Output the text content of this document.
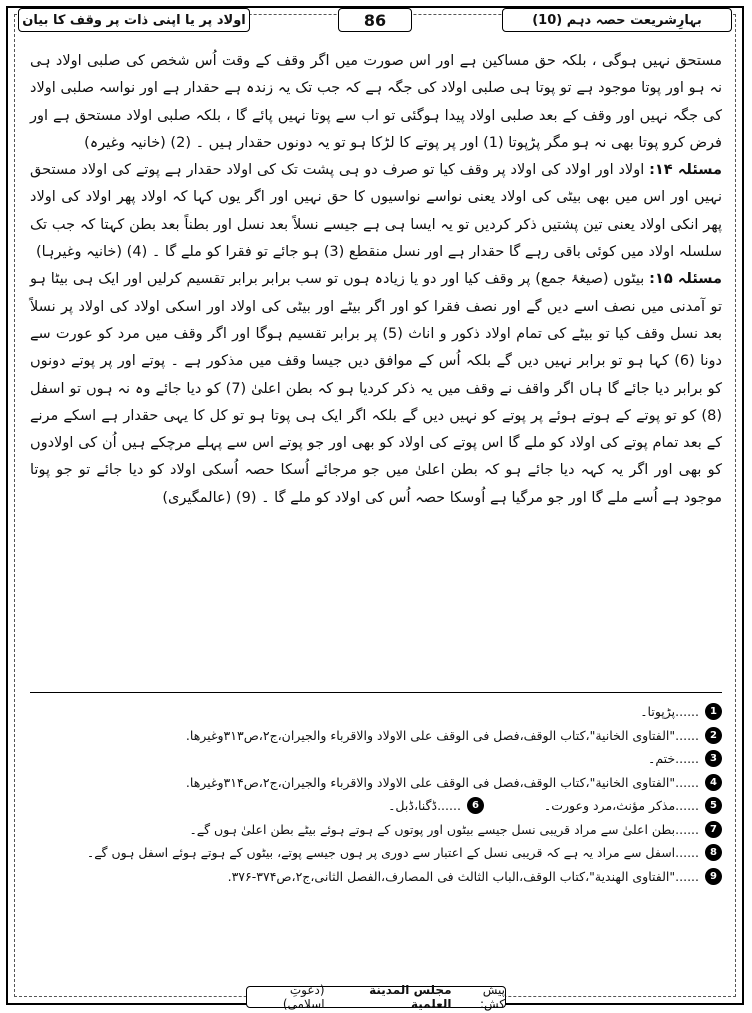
بہارِشریعت حصہ دہم (10)
86
اولاد پر یا اپنی ذات پر وقف کا بیان

مستحق نہیں ہوگی ، بلکہ حق مساکین ہے اور اس صورت میں اگر وقف کے وقت اُس شخص کی صلبی اولاد ہی نہ ہو اور پوتا موجود ہے تو پوتا ہی صلبی اولاد کی جگہ ہے کہ جب تک یہ زندہ ہے حقدار ہے اور نواسہ صلبی اولاد کی جگہ نہیں اور وقف کے بعد صلبی اولاد پیدا ہوگئی تو اب سے پوتا نہیں پائے گا ، بلکہ صلبی اولاد مستحق ہے اور فرض کرو پوتا بھی نہ ہو مگر پڑپوتا (1) اور پر پوتے کا لڑکا ہو تو یہ دونوں حقدار ہیں ۔ (2) (خانیہ وغیرہ)

مسئلہ ۱۴: اولاد اور اولاد کی اولاد پر وقف کیا تو صرف دو ہی پشت تک کی اولاد حقدار ہے پوتے کی اولاد مستحق نہیں اور اس میں بھی بیٹی کی اولاد یعنی نواسے نواسیوں کا حق نہیں اور اگر یوں کہا کہ اولاد پھر اولاد کی اولاد پھر انکی اولاد یعنی تین پشتیں ذکر کردیں تو یہ ایسا ہی ہے جیسے نسلاً بعد نسل اور بطناً بعد بطن کہتا کہ جب تک سلسلہ اولاد میں کوئی باقی رہے گا حقدار ہے اور نسل منقطع (3) ہو جائے تو فقرا کو ملے گا ۔ (4) (خانیہ وغیرہا)

مسئلہ ۱۵: بیٹوں (صیغۂ جمع) پر وقف کیا اور دو یا زیادہ ہوں تو سب برابر برابر تقسیم کرلیں اور ایک ہی بیٹا ہو تو آمدنی میں نصف اسے دیں گے اور نصف فقرا کو اور اگر بیٹے اور بیٹی کی اولاد اور اسکی اولاد کی اولاد پر نسلاً بعد نسل وقف کیا تو بیٹے کی تمام اولاد ذکور و اناث (5) پر برابر تقسیم ہوگا اور اگر وقف میں مرد کو عورت سے دونا (6) کہا ہو تو برابر نہیں دیں گے بلکہ اُس کے موافق دیں جیسا وقف میں مذکور ہے ۔ پوتے اور پر پوتے دونوں کو برابر دیا جائے گا ہاں اگر واقف نے وقف میں یہ ذکر کردیا ہو کہ بطن اعلیٰ (7) کو دیا جائے وہ نہ ہوں تو اسفل (8) کو تو پوتے کے ہوتے ہوئے پر پوتے کو نہیں دیں گے بلکہ اگر ایک ہی پوتا ہو تو کل کا یہی حقدار ہے اسکے مرنے کے بعد تمام پوتے کی اولاد کو ملے گا اس پوتے کی اولاد کو بھی اور جو پوتے اس سے پہلے مرچکے ہیں اُن کی اولادوں کو بھی اور اگر یہ کہہ دیا جائے ہو کہ بطن اعلیٰ میں جو مرجائے اُسکا حصہ اُسکی اولاد کو دیا جائے تو جو پوتا موجود ہے اُسے ملے گا اور جو مرگیا ہے اُوسکا حصہ اُس کی اولاد کو ملے گا ۔ (9) (عالمگیری)

1
......پڑپوتا۔
2
......"الفتاوی الخانیة"،کتاب الوقف،فصل فی الوقف علی الاولاد والاقرباء والجیران،ج۲،ص۳۱۳وغیرھا.
3
......ختم۔
4
......"الفتاوی الخانیة"،کتاب الوقف،فصل فی الوقف علی الاولاد والاقرباء والجیران،ج۲،ص۳۱۴وغیرھا.
5
......مذکر مؤنث،مرد وعورت۔
6
......ڈگنا،ڈبل۔
7
......بطن اعلیٰ سے مراد قریبی نسل جیسے بیٹوں اور پوتوں کے ہوتے ہوئے بیٹے بطن اعلیٰ ہوں گے۔
8
......اسفل سے مراد یہ ہے کہ قریبی نسل کے اعتبار سے دوری پر ہوں جیسے پوتے، بیٹوں کے ہوتے ہوئے اسفل ہوں گے۔
9
......"الفتاوی الھندیة"،کتاب الوقف،الباب الثالث فی المصارف،الفصل الثانی،ج۲،ص۳۷۴-۳۷۶.
پیش کش:
مجلس المدینة العلمیة
(دعوتِ اسلامی)
